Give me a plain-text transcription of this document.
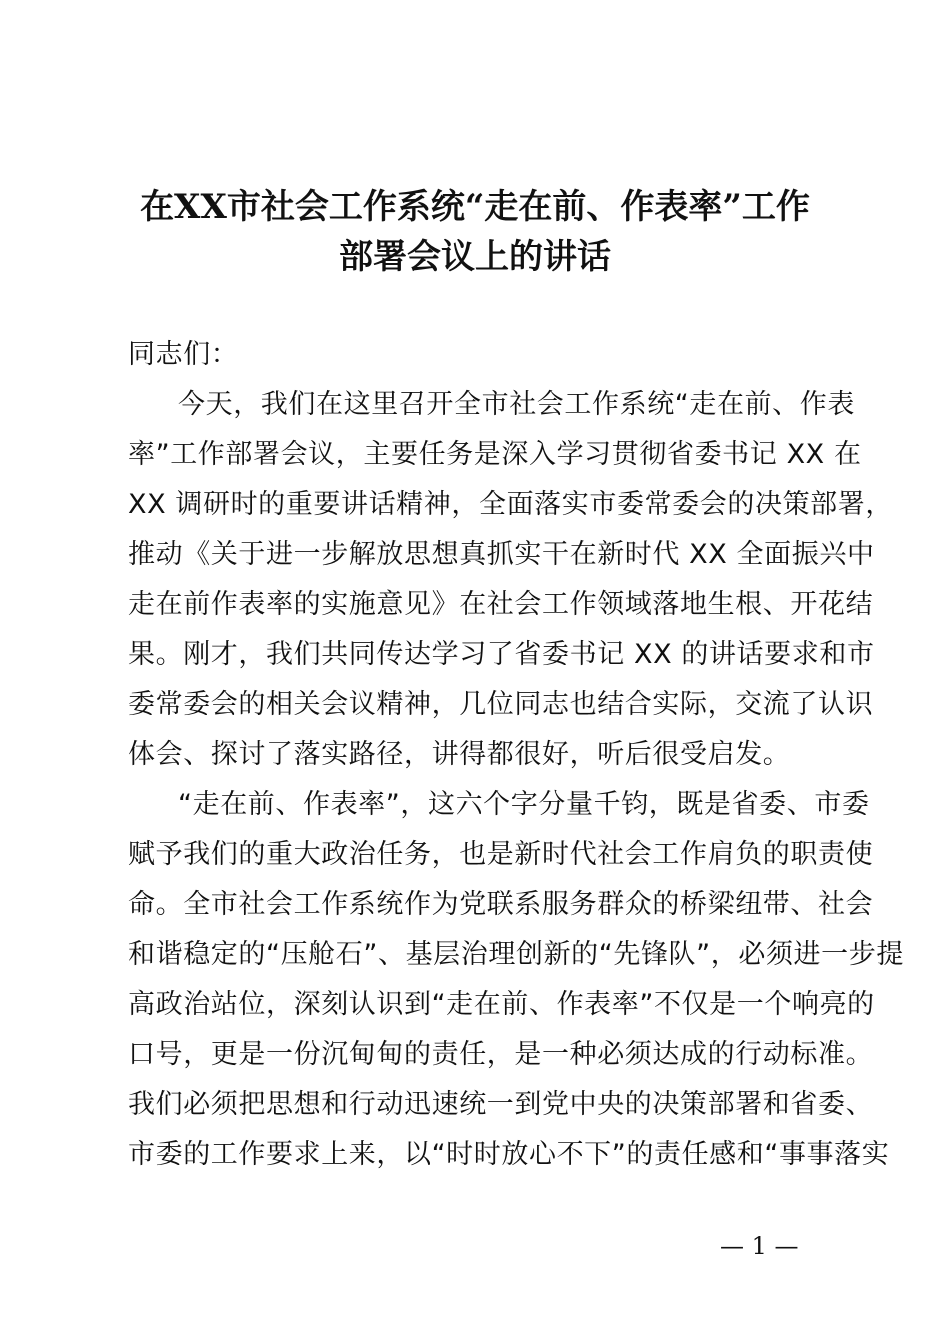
在XX市社会工作系统“走在前、作表率”工作
部署会议上的讲话
同志们：
今天，我们在这里召开全市社会工作系统“走在前、作表
率”工作部署会议，主要任务是深入学习贯彻省委书记 XX 在
XX 调研时的重要讲话精神，全面落实市委常委会的决策部署，
推动《关于进一步解放思想真抓实干在新时代 XX 全面振兴中
走在前作表率的实施意见》在社会工作领域落地生根、开花结
果。刚才，我们共同传达学习了省委书记 XX 的讲话要求和市
委常委会的相关会议精神，几位同志也结合实际，交流了认识
体会、探讨了落实路径，讲得都很好，听后很受启发。
“走在前、作表率”，这六个字分量千钧，既是省委、市委
赋予我们的重大政治任务，也是新时代社会工作肩负的职责使
命。全市社会工作系统作为党联系服务群众的桥梁纽带、社会
和谐稳定的“压舱石”、基层治理创新的“先锋队”，必须进一步提
高政治站位，深刻认识到“走在前、作表率”不仅是一个响亮的
口号，更是一份沉甸甸的责任，是一种必须达成的行动标准。
我们必须把思想和行动迅速统一到党中央的决策部署和省委、
市委的工作要求上来，以“时时放心不下”的责任感和“事事落实
— 1 —
